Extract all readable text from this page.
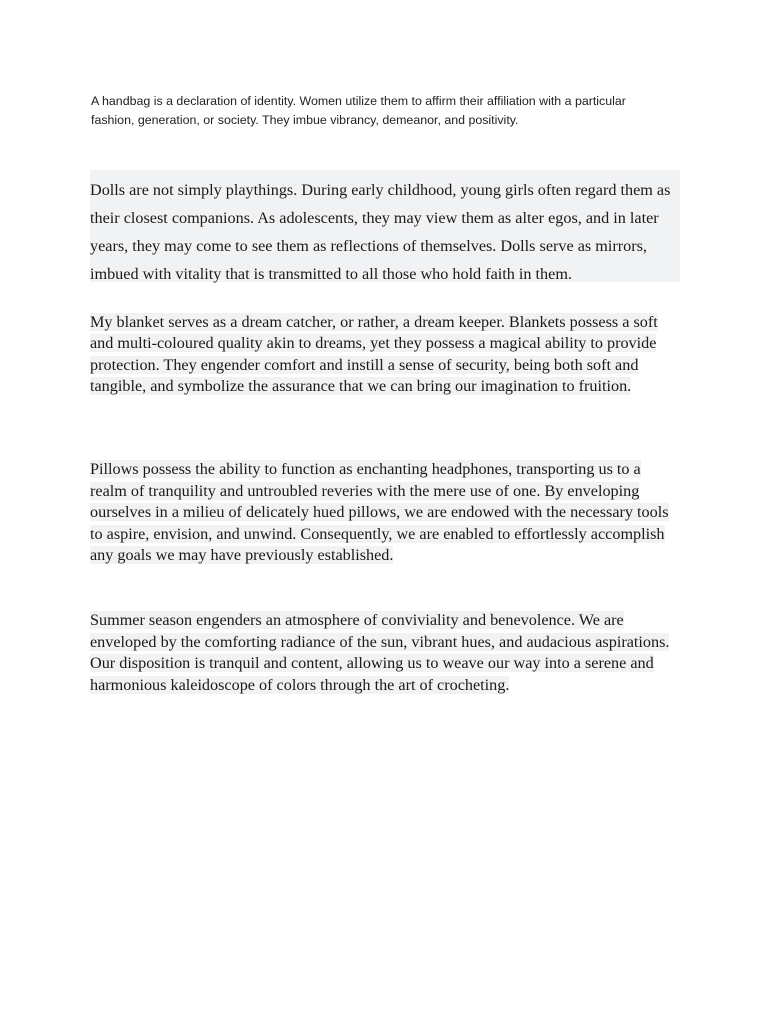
A handbag is a declaration of identity. Women utilize them to affirm their affiliation with a particular fashion, generation, or society. They imbue vibrancy, demeanor, and positivity.

Dolls are not simply playthings. During early childhood, young girls often regard them as their closest companions. As adolescents, they may view them as alter egos, and in later years, they may come to see them as reflections of themselves. Dolls serve as mirrors, imbued with vitality that is transmitted to all those who hold faith in them.

My blanket serves as a dream catcher, or rather, a dream keeper. Blankets possess a soft and multi-coloured quality akin to dreams, yet they possess a magical ability to provide protection. They engender comfort and instill a sense of security, being both soft and tangible, and symbolize the assurance that we can bring our imagination to fruition.

Pillows possess the ability to function as enchanting headphones, transporting us to a realm of tranquility and untroubled reveries with the mere use of one. By enveloping ourselves in a milieu of delicately hued pillows, we are endowed with the necessary tools to aspire, envision, and unwind. Consequently, we are enabled to effortlessly accomplish any goals we may have previously established.

Summer season engenders an atmosphere of conviviality and benevolence. We are enveloped by the comforting radiance of the sun, vibrant hues, and audacious aspirations. Our disposition is tranquil and content, allowing us to weave our way into a serene and harmonious kaleidoscope of colors through the art of crocheting.
